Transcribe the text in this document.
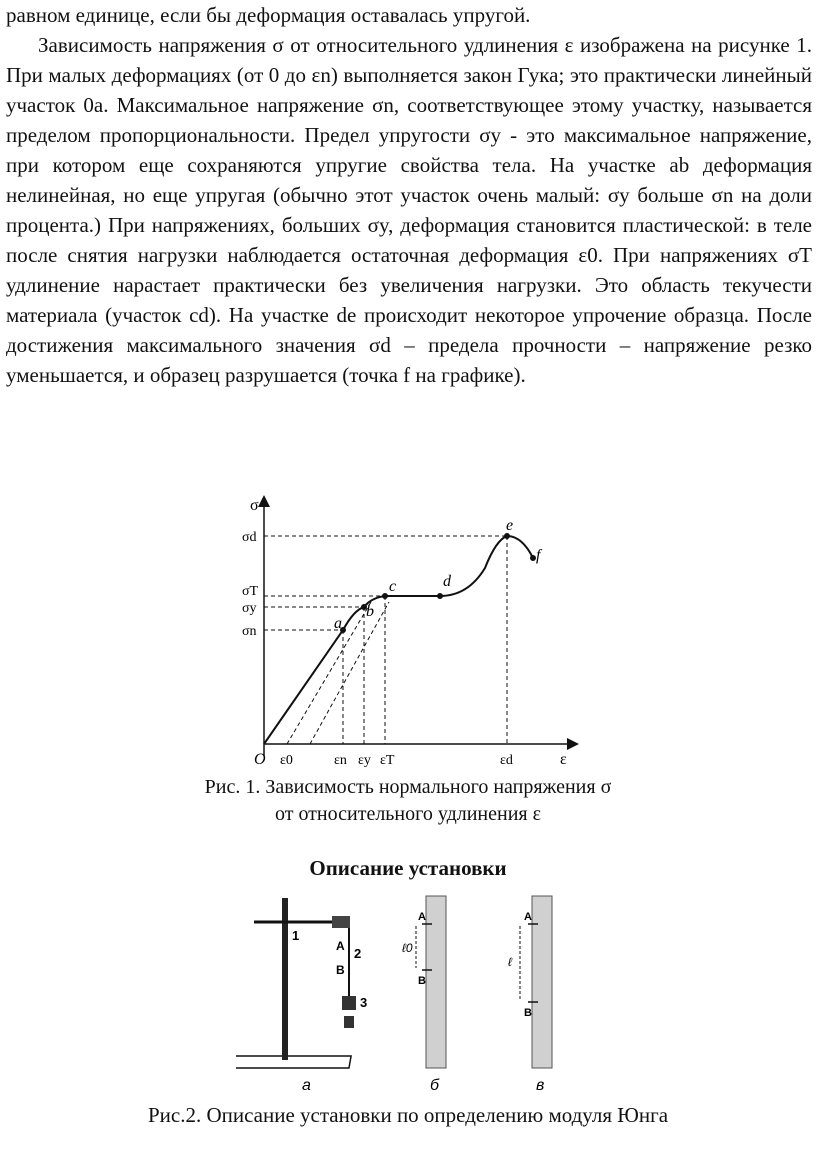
равном единице, если бы деформация оставалась упругой.

Зависимость напряжения σ от относительного удлинения ε изображена на рисунке 1. При малых деформациях (от 0 до εn) выполняется закон Гука; это практически линейный участок 0a. Максимальное напряжение σn, соответствующее этому участку, называется пределом пропорциональности. Предел упругости σy - это максимальное напряжение, при котором еще сохраняются упругие свойства тела. На участке ab деформация нелинейная, но еще упругая (обычно этот участок очень малый: σy больше σn на доли процента.) При напряжениях, больших σy, деформация становится пластической: в теле после снятия нагрузки наблюдается остаточная деформация ε0. При напряжениях σT удлинение нарастает практически без увеличения нагрузки. Это область текучести материала (участок cd). На участке de происходит некоторое упрочение образца. После достижения максимального значения σd – предела прочности – напряжение резко уменьшается, и образец разрушается (точка f на графике).

σ
ε
O
a
b
c	d
e
f
σd
σT
σy
σn
ε0	εn εy εT	εd
Рис. 1. Зависимость нормального напряжения σ
от относительного удлинения ε
Описание установки
1
A 2
B
3
а
A
ℓ0
B
б
A
ℓ
B
в
Рис.2. Описание установки по определению модуля Юнга
